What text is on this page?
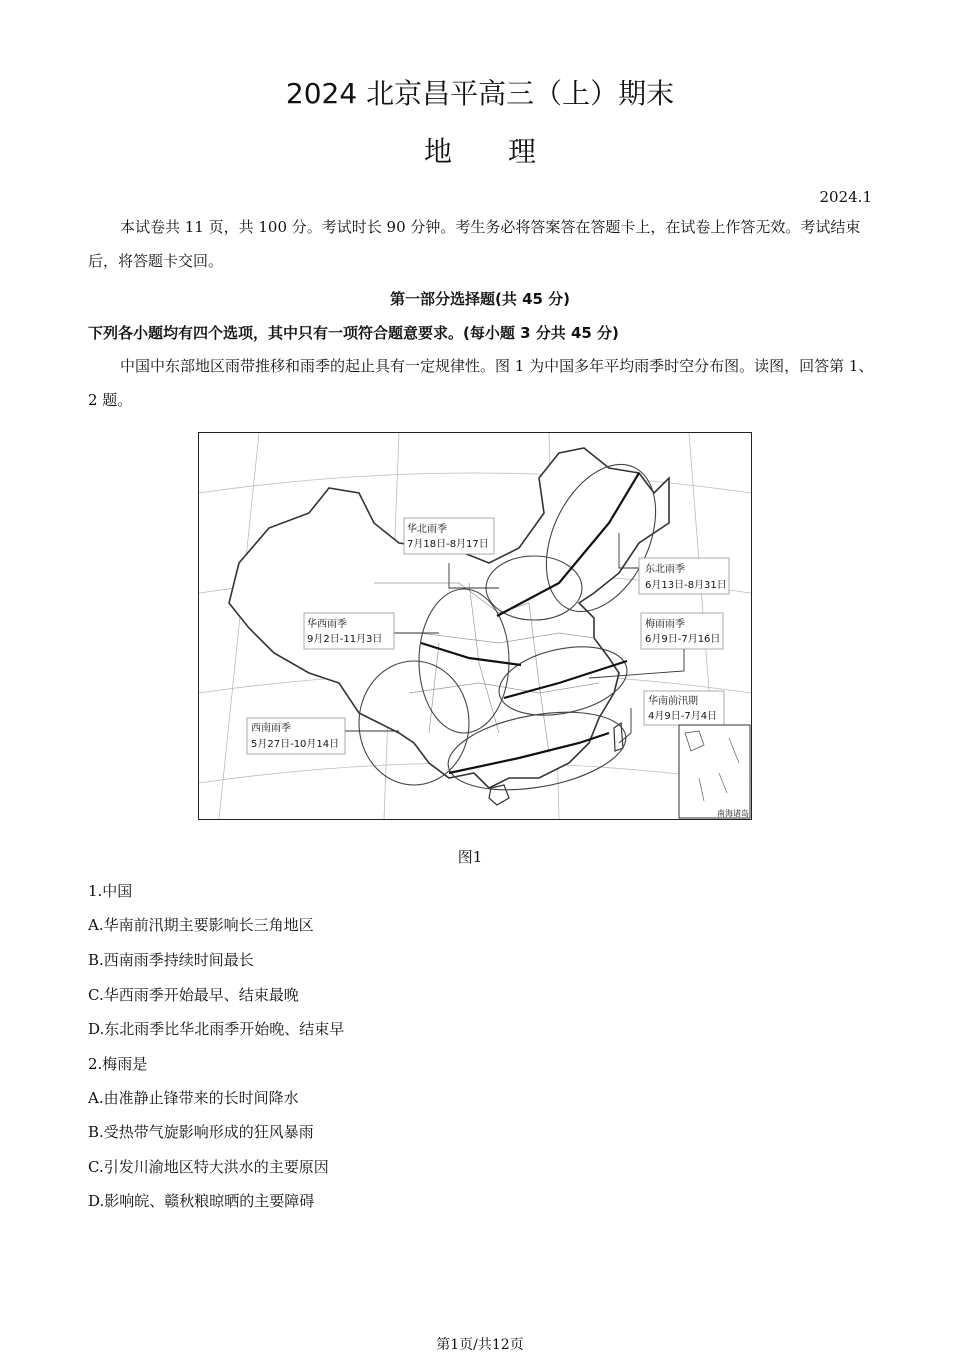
2024 北京昌平高三（上）期末
地理
2024.1
本试卷共 11 页，共 100 分。考试时长 90 分钟。考生务必将答案答在答题卡上，在试卷上作答无效。考试结束后，将答题卡交回。
第一部分选择题(共 45 分)
下列各小题均有四个选项，其中只有一项符合题意要求。(每小题 3 分共 45 分)
中国中东部地区雨带推移和雨季的起止具有一定规律性。图 1 为中国多年平均雨季时空分布图。读图，回答第 1、2 题。
华北雨季
7月18日-8月17日
东北雨季
6月13日-8月31日
华西雨季
9月2日-11月3日
梅雨雨季
6月9日-7月16日
华南前汛期
4月9日-7月4日
西南雨季
5月27日-10月14日
南海诸岛
图1
1.中国
A.华南前汛期主要影响长三角地区
B.西南雨季持续时间最长
C.华西雨季开始最早、结束最晚
D.东北雨季比华北雨季开始晚、结束早
2.梅雨是
A.由准静止锋带来的长时间降水
B.受热带气旋影响形成的狂风暴雨
C.引发川渝地区特大洪水的主要原因
D.影响皖、赣秋粮晾晒的主要障碍
第1页/共12页
